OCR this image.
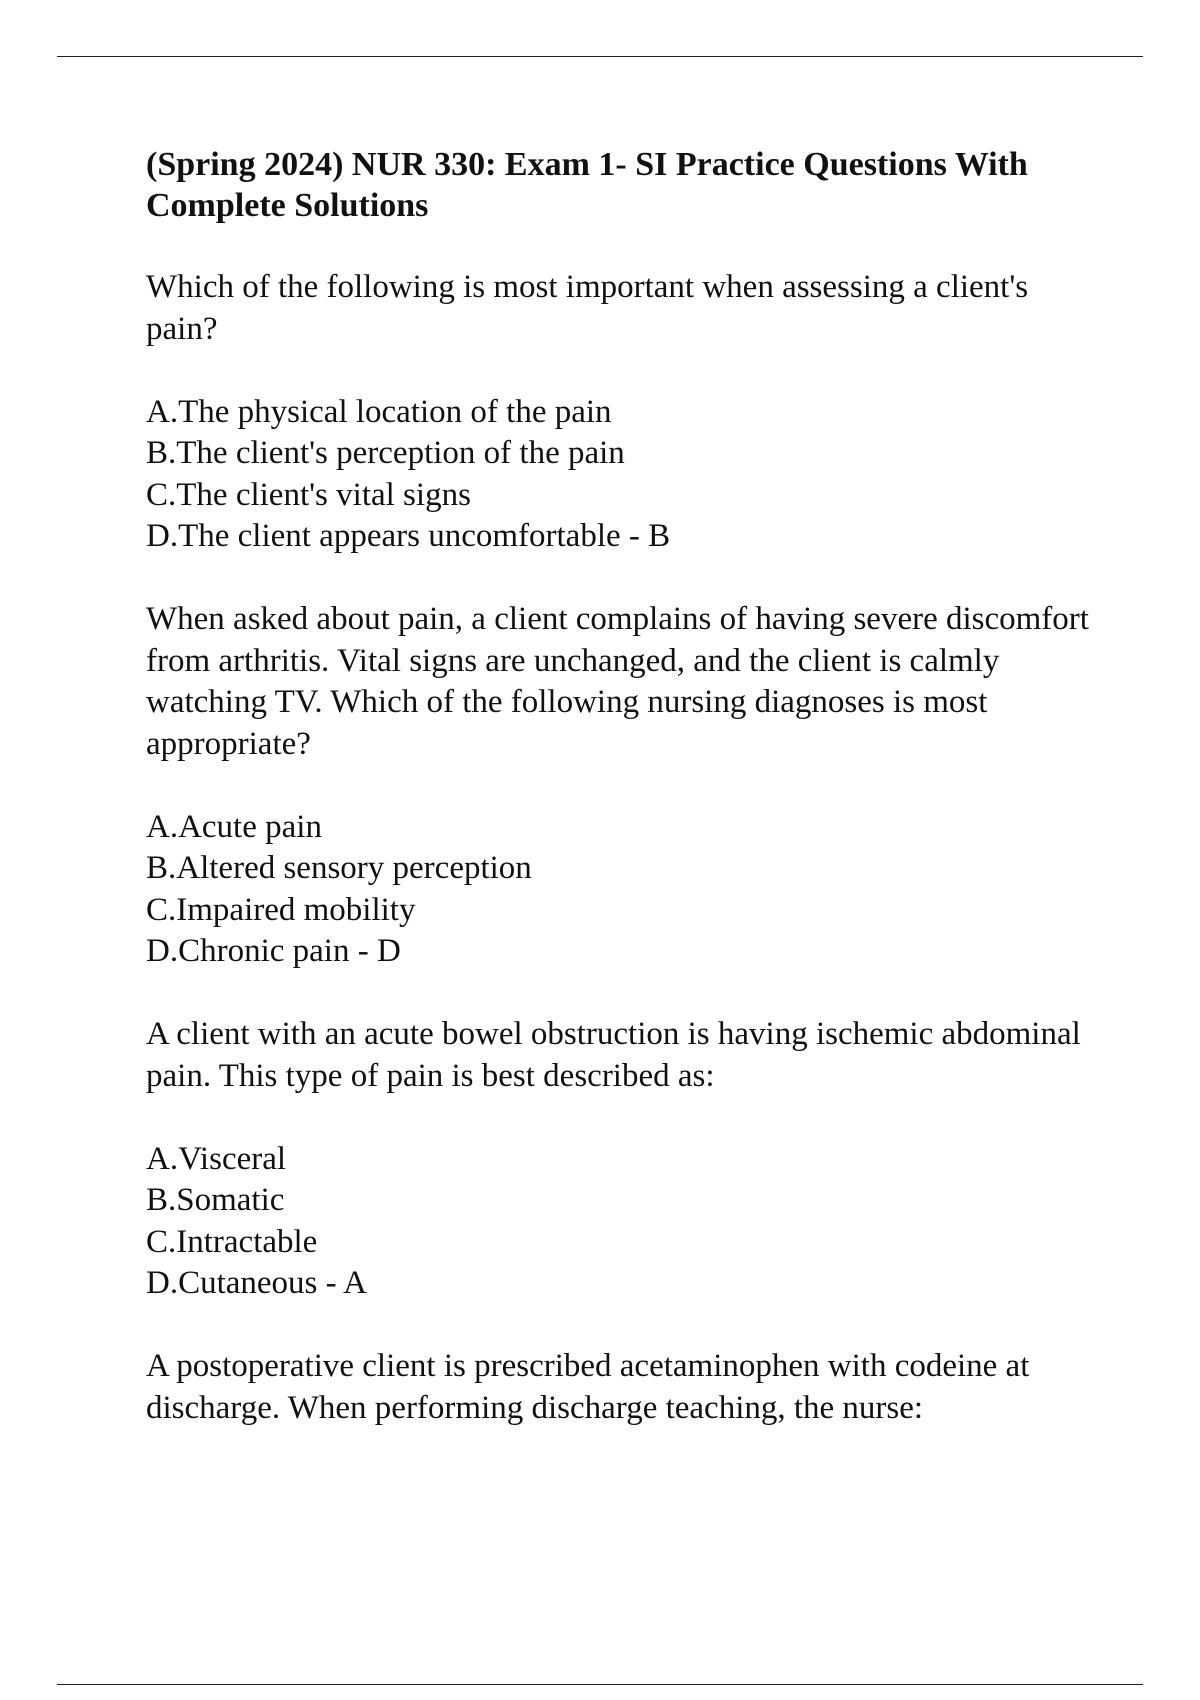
(Spring 2024) NUR 330: Exam 1- SI Practice Questions With Complete Solutions

Which of the following is most important when assessing a client's pain?

A.The physical location of the pain
B.The client's perception of the pain
C.The client's vital signs
D.The client appears uncomfortable - B

When asked about pain, a client complains of having severe discomfort from arthritis. Vital signs are unchanged, and the client is calmly watching TV. Which of the following nursing diagnoses is most appropriate?

A.Acute pain
B.Altered sensory perception
C.Impaired mobility
D.Chronic pain - D

A client with an acute bowel obstruction is having ischemic abdominal pain. This type of pain is best described as:

A.Visceral
B.Somatic
C.Intractable
D.Cutaneous - A

A postoperative client is prescribed acetaminophen with codeine at discharge. When performing discharge teaching, the nurse:
